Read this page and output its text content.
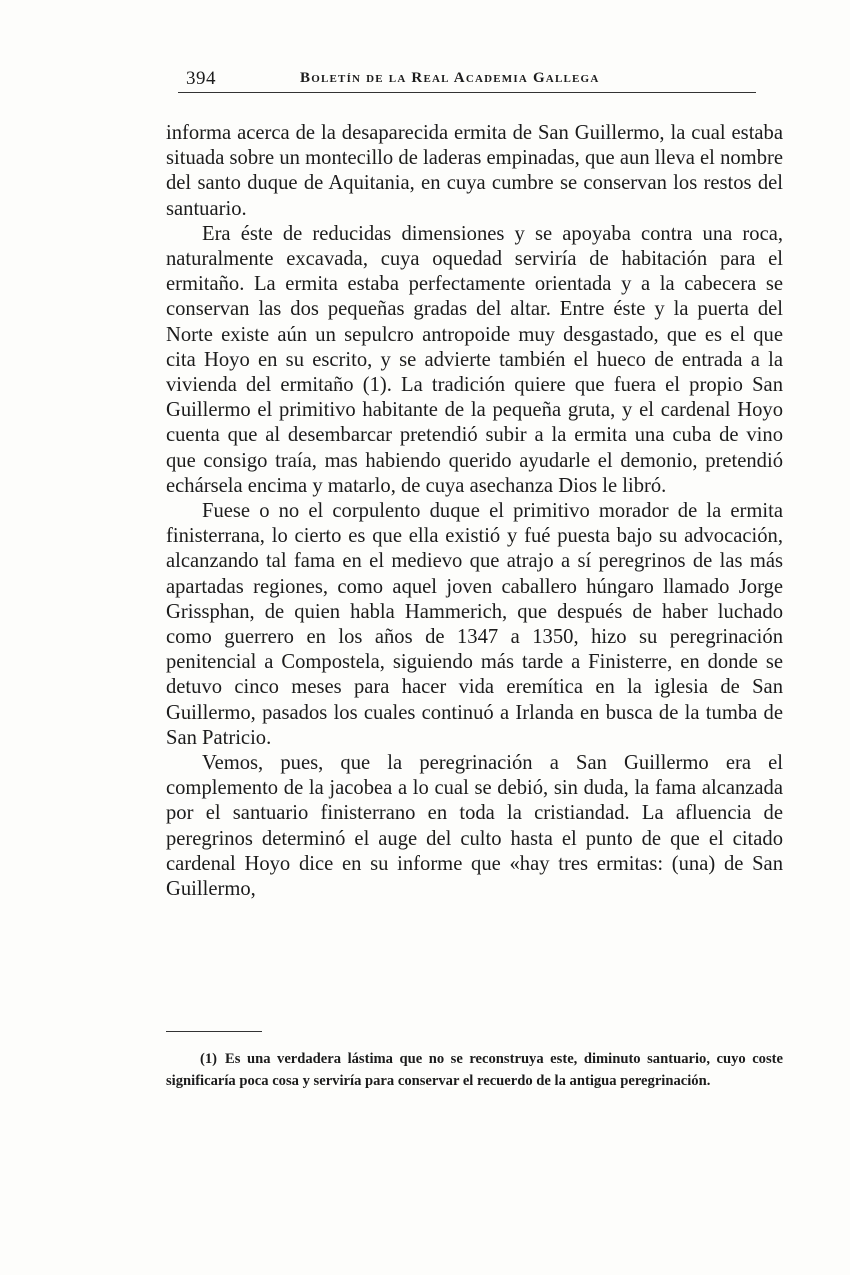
394	Boletín de la Real Academia Gallega

informa acerca de la desaparecida ermita de San Guillermo, la cual estaba situada sobre un montecillo de laderas empinadas, que aun lleva el nombre del santo duque de Aquitania, en cuya cumbre se conservan los restos del santuario.

Era éste de reducidas dimensiones y se apoyaba contra una roca, naturalmente excavada, cuya oquedad serviría de habitación para el ermitaño. La ermita estaba perfectamente orientada y a la cabecera se conservan las dos pequeñas gradas del altar. Entre éste y la puerta del Norte existe aún un sepulcro antropoide muy desgastado, que es el que cita Hoyo en su escrito, y se advierte también el hueco de entrada a la vivienda del ermitaño (1). La tradición quiere que fuera el propio San Guillermo el primitivo habitante de la pequeña gruta, y el cardenal Hoyo cuenta que al desembarcar pretendió subir a la ermita una cuba de vino que consigo traía, mas habiendo querido ayudarle el demonio, pretendió echársela encima y matarlo, de cuya asechanza Dios le libró.

Fuese o no el corpulento duque el primitivo morador de la ermita finisterrana, lo cierto es que ella existió y fué puesta bajo su advocación, alcanzando tal fama en el medievo que atrajo a sí peregrinos de las más apartadas regiones, como aquel joven caballero húngaro llamado Jorge Grissphan, de quien habla Hammerich, que después de haber luchado como guerrero en los años de 1347 a 1350, hizo su peregrinación penitencial a Compostela, siguiendo más tarde a Finisterre, en donde se detuvo cinco meses para hacer vida eremítica en la iglesia de San Guillermo, pasados los cuales continuó a Irlanda en busca de la tumba de San Patricio.

Vemos, pues, que la peregrinación a San Guillermo era el complemento de la jacobea a lo cual se debió, sin duda, la fama alcanzada por el santuario finisterrano en toda la cristiandad. La afluencia de peregrinos determinó el auge del culto hasta el punto de que el citado cardenal Hoyo dice en su informe que «hay tres ermitas: (una) de San Guillermo,

(1) Es una verdadera lástima que no se reconstruya este, diminuto santuario, cuyo coste significaría poca cosa y serviría para conservar el recuerdo de la antigua peregrinación.
